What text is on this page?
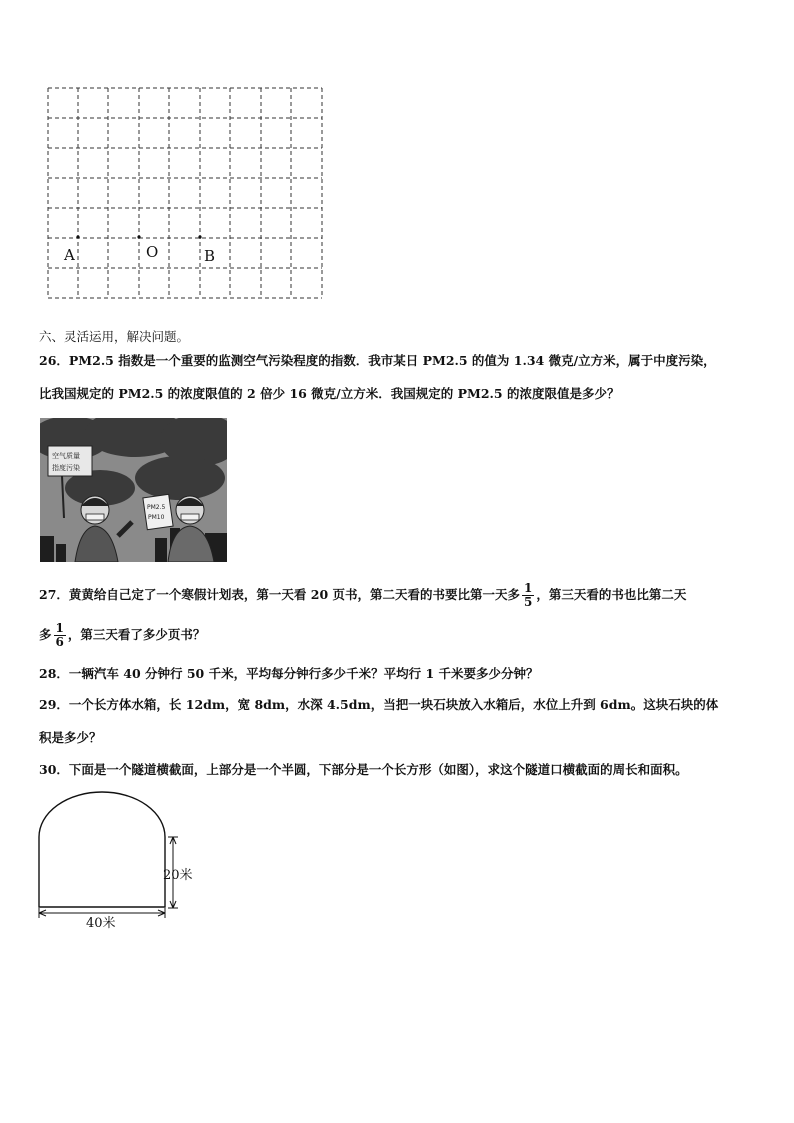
A	O	B
六、灵活运用，解决问题。
26．PM2.5 指数是一个重要的监测空气污染程度的指数．我市某日 PM2.5 的值为 1.34 微克/立方米，属于中度污染，
比我国规定的 PM2.5 的浓度限值的 2 倍少 16 微克/立方米．我国规定的 PM2.5 的浓度限值是多少？
空气质量
指度污染
PM2.5
PM10
27．黄黄给自己定了一个寒假计划表，第一天看 20 页书，第二天看的书要比第一天多 $\frac{1}{5}$ ，第三天看的书也比第二天
多 $\frac{1}{6}$ ，第三天看了多少页书？
28．一辆汽车 40 分钟行 50 千米，平均每分钟行多少千米？平均行 1 千米要多少分钟？
29．一个长方体水箱，长 12dm，宽 8dm，水深 4.5dm，当把一块石块放入水箱后，水位上升到 6dm。这块石块的体
积是多少？
30．下面是一个隧道横截面，上部分是一个半圆，下部分是一个长方形（如图），求这个隧道口横截面的周长和面积。
20米
40米
